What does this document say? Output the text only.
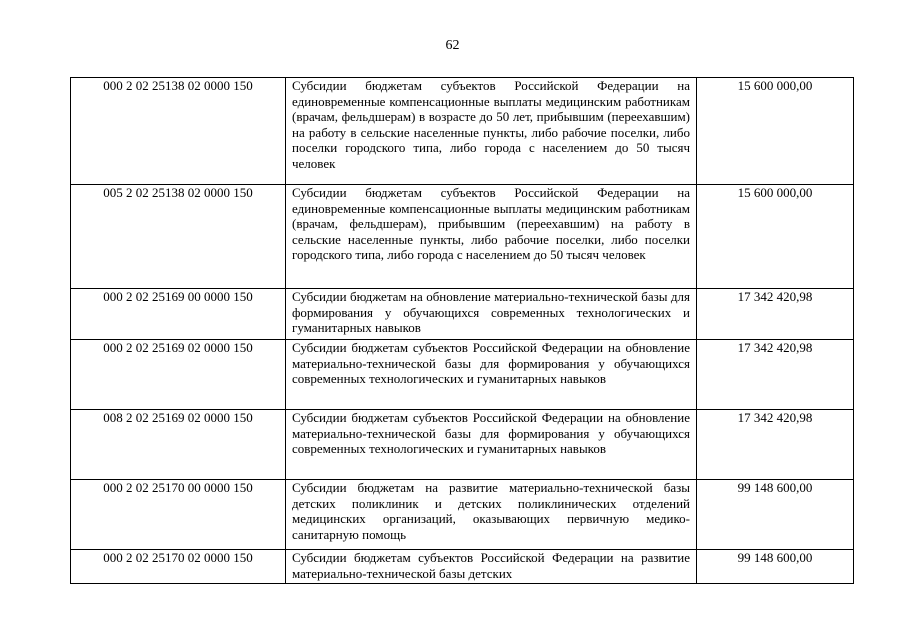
62
000 2 02 25138 02 0000 150	Субсидии бюджетам субъектов Российской Федерации на единовременные компенсационные выплаты медицинским работникам (врачам, фельдшерам) в возрасте до 50 лет, прибывшим (переехавшим) на работу в сельские населенные пункты, либо рабочие поселки, либо поселки городского типа, либо города с населением до 50 тысяч человек	15 600 000,00
005 2 02 25138 02 0000 150	Субсидии бюджетам субъектов Российской Федерации на единовременные компенсационные выплаты медицинским работникам (врачам, фельдшерам), прибывшим (переехавшим) на работу в сельские населенные пункты, либо рабочие поселки, либо поселки городского типа, либо города с населением до 50 тысяч человек	15 600 000,00
000 2 02 25169 00 0000 150	Субсидии бюджетам на обновление материально-технической базы для формирования у обучающихся современных технологических и гуманитарных навыков	17 342 420,98
000 2 02 25169 02 0000 150	Субсидии бюджетам субъектов Российской Федерации на обновление материально-технической базы для формирования у обучающихся современных технологических и гуманитарных навыков	17 342 420,98
008 2 02 25169 02 0000 150	Субсидии бюджетам субъектов Российской Федерации на обновление материально-технической базы для формирования у обучающихся современных технологических и гуманитарных навыков	17 342 420,98
000 2 02 25170 00 0000 150	Субсидии бюджетам на развитие материально-технической базы детских поликлиник и детских поликлинических отделений медицинских организаций, оказывающих первичную медико-санитарную помощь	99 148 600,00
000 2 02 25170 02 0000 150	Субсидии бюджетам субъектов Российской Федерации на развитие материально-технической базы детских	99 148 600,00
